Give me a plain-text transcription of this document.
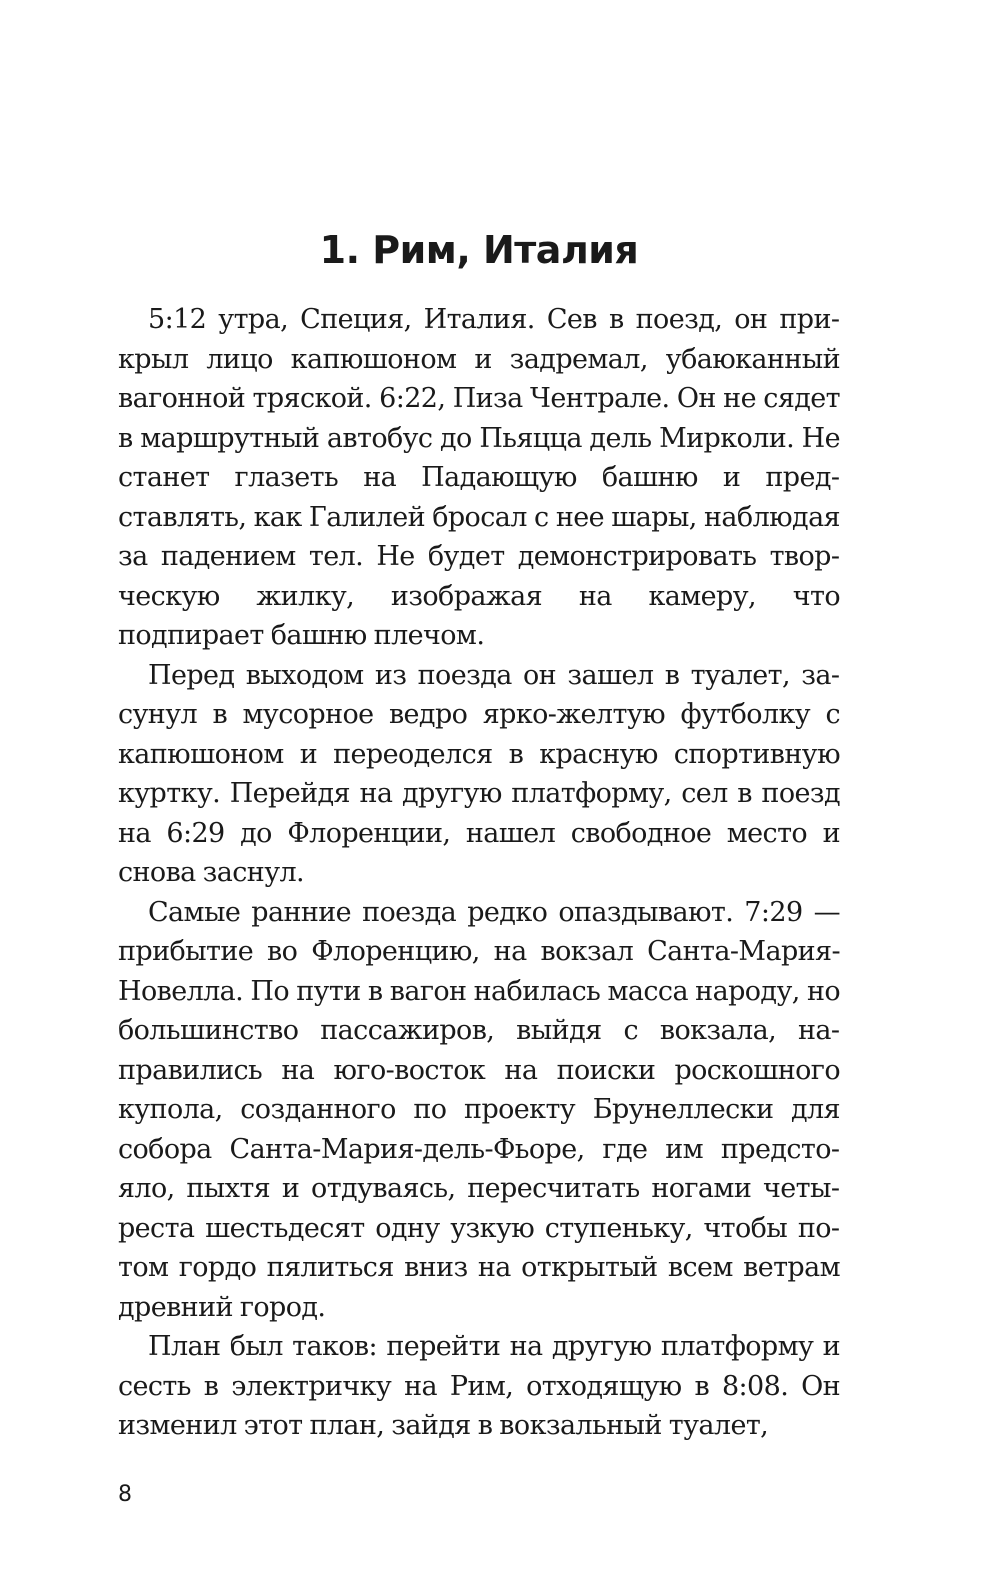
1. Рим, Италия

5:12 утра, Специя, Италия. Сев в поезд, он прикрыл лицо капюшоном и задремал, убаюканный вагонной тряской. 6:22, Пиза Чентрале. Он не сядет в маршрутный автобус до Пьяцца дель Мирколи. Не станет глазеть на Падающую башню и представлять, как Галилей бросал с нее шары, наблюдая за падением тел. Не будет демонстрировать творческую жилку, изображая на камеру, что подпирает башню плечом.

Перед выходом из поезда он зашел в туалет, засунул в мусорное ведро ярко-желтую футболку с капюшоном и переоделся в красную спортивную куртку. Перейдя на другую платформу, сел в поезд на 6:29 до Флоренции, нашел свободное место и снова заснул.

Самые ранние поезда редко опаздывают. 7:29 — прибытие во Флоренцию, на вокзал Санта-Мария-Новелла. По пути в вагон набилась масса народу, но большинство пассажиров, выйдя с вокзала, направились на юго-восток на поиски роскошного купола, созданного по проекту Брунеллески для собора Санта-Мария-дель-Фьоре, где им предстояло, пыхтя и отдуваясь, пересчитать ногами четыреста шестьдесят одну узкую ступеньку, чтобы потом гордо пялиться вниз на открытый всем ветрам древний город.

План был таков: перейти на другую платформу и сесть в электричку на Рим, отходящую в 8:08. Он изменил этот план, зайдя в вокзальный туалет,

8
